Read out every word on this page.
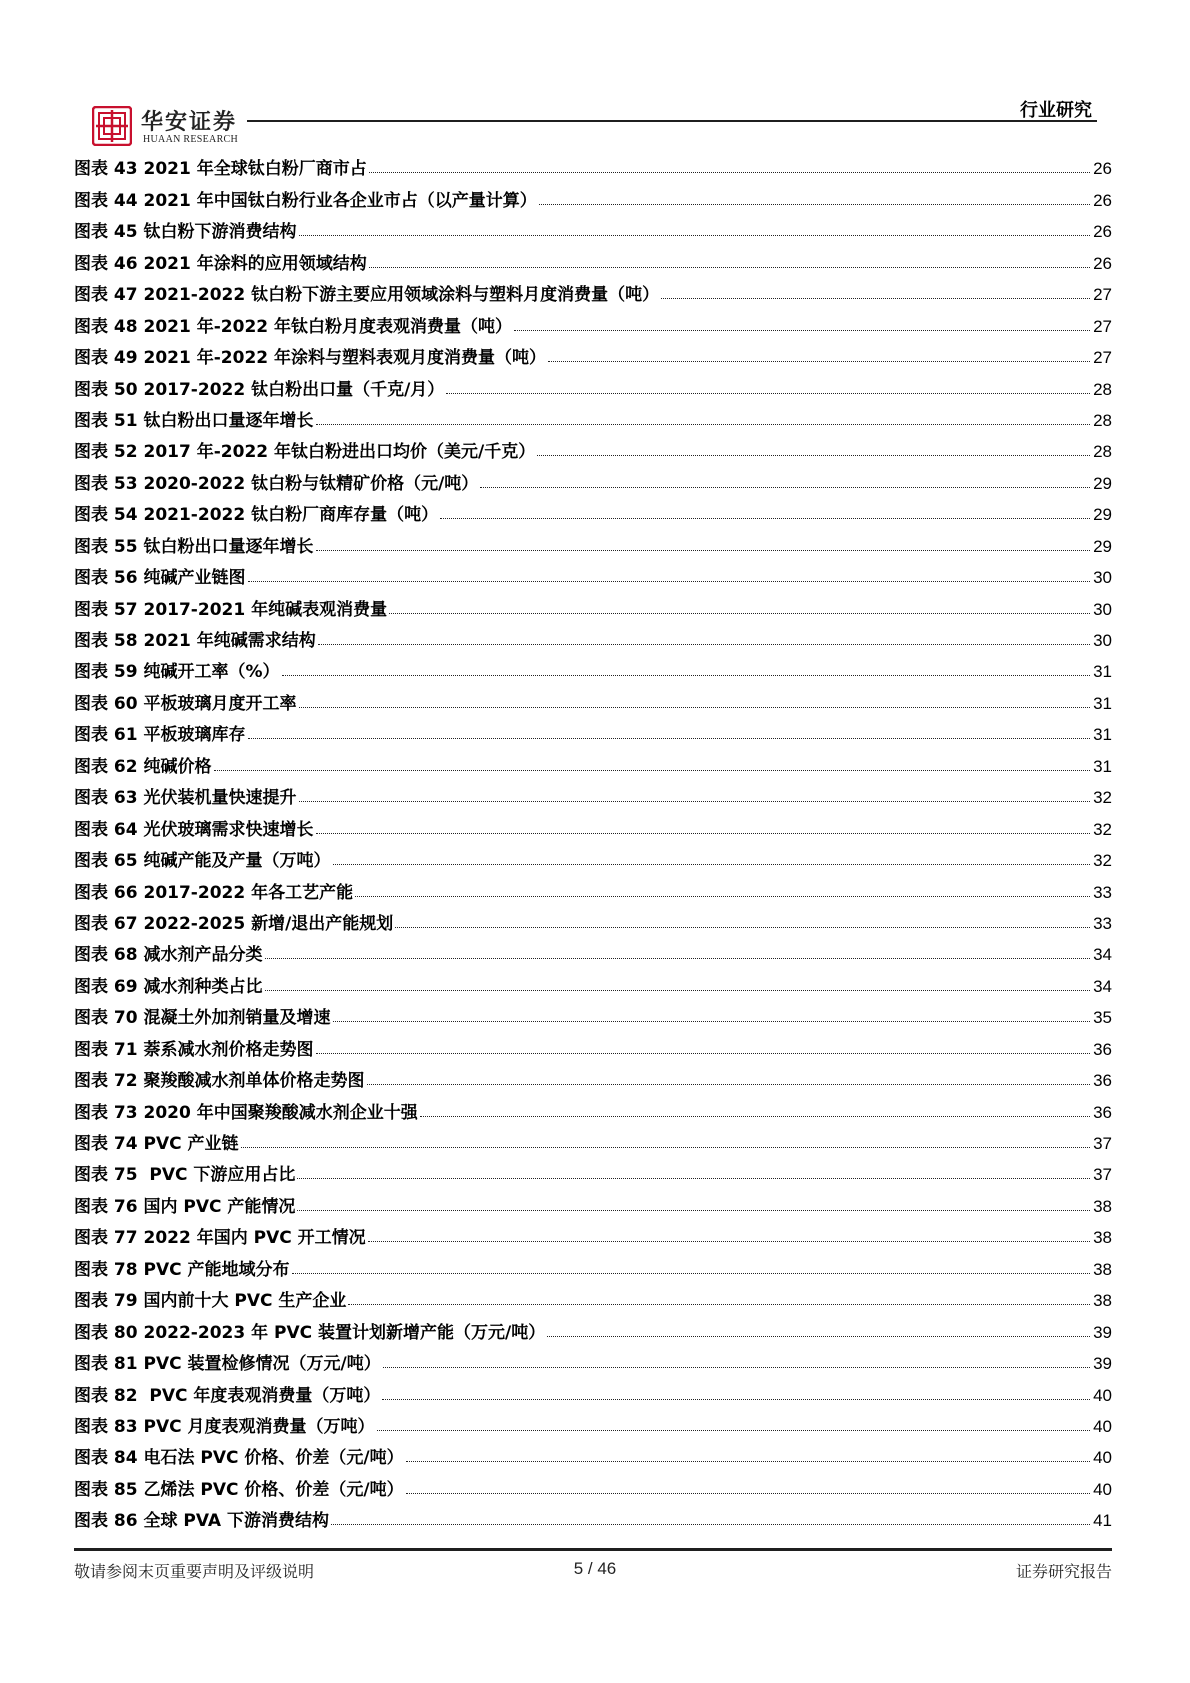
华安证券
HUAAN RESEARCH
行业研究
图表 43 2021 年全球钛白粉厂商市占	26
图表 44 2021 年中国钛白粉行业各企业市占（以产量计算）	26
图表 45 钛白粉下游消费结构	26
图表 46 2021 年涂料的应用领域结构	26
图表 47 2021-2022 钛白粉下游主要应用领域涂料与塑料月度消费量（吨）	27
图表 48 2021 年-2022 年钛白粉月度表观消费量（吨）	27
图表 49 2021 年-2022 年涂料与塑料表观月度消费量（吨）	27
图表 50 2017-2022 钛白粉出口量（千克/月）	28
图表 51 钛白粉出口量逐年增长	28
图表 52 2017 年-2022 年钛白粉进出口均价（美元/千克）	28
图表 53 2020-2022 钛白粉与钛精矿价格（元/吨）	29
图表 54 2021-2022 钛白粉厂商库存量（吨）	29
图表 55 钛白粉出口量逐年增长	29
图表 56 纯碱产业链图	30
图表 57 2017-2021 年纯碱表观消费量	30
图表 58 2021 年纯碱需求结构	30
图表 59 纯碱开工率（%）	31
图表 60 平板玻璃月度开工率	31
图表 61 平板玻璃库存	31
图表 62 纯碱价格	31
图表 63 光伏装机量快速提升	32
图表 64 光伏玻璃需求快速增长	32
图表 65 纯碱产能及产量（万吨）	32
图表 66 2017-2022 年各工艺产能	33
图表 67 2022-2025 新增/退出产能规划	33
图表 68 减水剂产品分类	34
图表 69 减水剂种类占比	34
图表 70 混凝土外加剂销量及增速	35
图表 71 萘系减水剂价格走势图	36
图表 72 聚羧酸减水剂单体价格走势图	36
图表 73 2020 年中国聚羧酸减水剂企业十强	36
图表 74 PVC 产业链	37
图表 75  PVC 下游应用占比	37
图表 76 国内 PVC 产能情况	38
图表 77 2022 年国内 PVC 开工情况	38
图表 78 PVC 产能地域分布	38
图表 79 国内前十大 PVC 生产企业	38
图表 80 2022-2023 年 PVC 装置计划新增产能（万元/吨）	39
图表 81 PVC 装置检修情况（万元/吨）	39
图表 82  PVC 年度表观消费量（万吨）	40
图表 83 PVC 月度表观消费量（万吨）	40
图表 84 电石法 PVC 价格、价差（元/吨）	40
图表 85 乙烯法 PVC 价格、价差（元/吨）	40
图表 86 全球 PVA 下游消费结构	41
敬请参阅末页重要声明及评级说明	5 / 46	证券研究报告
